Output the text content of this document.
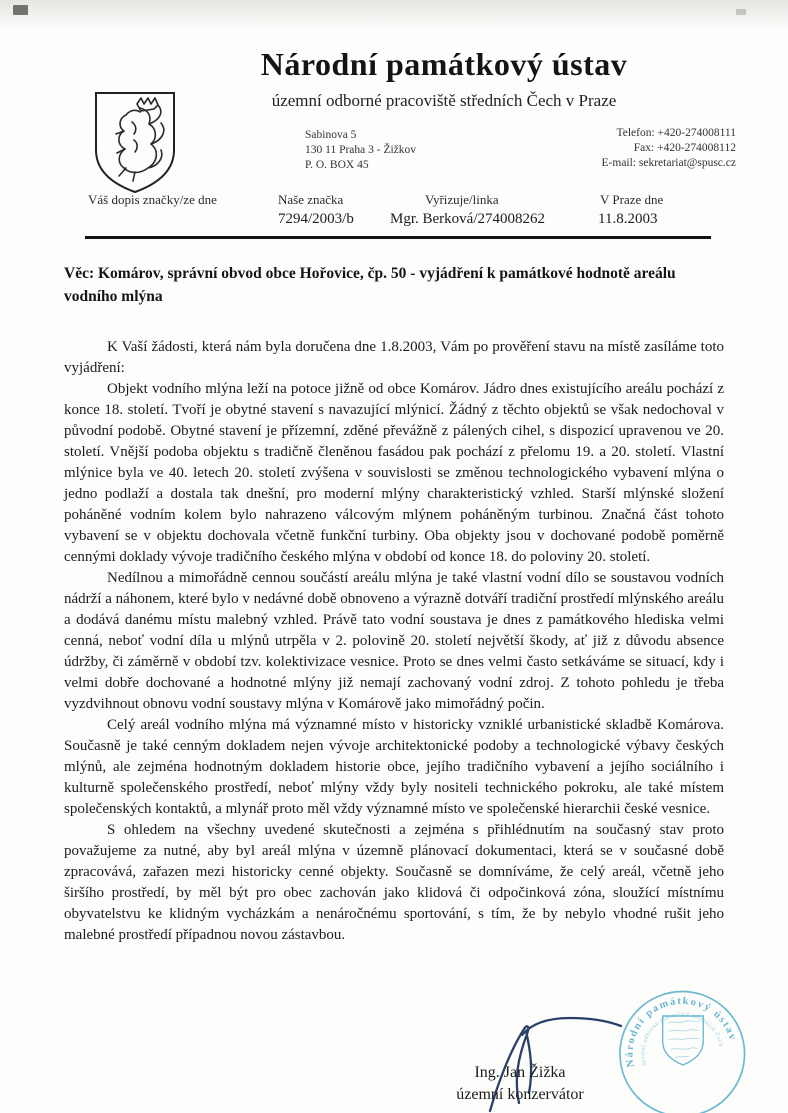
Národní památkový ústav
územní odborné pracoviště středních Čech v Praze
Sabinova 5
130 11 Praha 3 - Žižkov
P. O. BOX 45
Telefon: +420-274008111
Fax: +420-274008112
E-mail: sekretariat@spusc.cz
Váš dopis značky/ze dne	Naše značka
7294/2003/b
Vyřizuje/linka
Mgr. Berková/274008262
V Praze dne
11.8.2003
Věc: Komárov, správní obvod obce Hořovice, čp. 50 - vyjádření k památkové hodnotě areálu vodního mlýna

K Vaší žádosti, která nám byla doručena dne 1.8.2003, Vám po prověření stavu na místě zasíláme toto vyjádření:

Objekt vodního mlýna leží na potoce jižně od obce Komárov. Jádro dnes existujícího areálu pochází z konce 18. století. Tvoří je obytné stavení s navazující mlýnicí. Žádný z těchto objektů se však nedochoval v původní podobě. Obytné stavení je přízemní, zděné převážně z pálených cihel, s dispozicí upravenou ve 20. století. Vnější podoba objektu s tradičně členěnou fasádou pak pochází z přelomu 19. a 20. století. Vlastní mlýnice byla ve 40. letech 20. století zvýšena v souvislosti se změnou technologického vybavení mlýna o jedno podlaží a dostala tak dnešní, pro moderní mlýny charakteristický vzhled. Starší mlýnské složení poháněné vodním kolem bylo nahrazeno válcovým mlýnem poháněným turbinou. Značná část tohoto vybavení se v objektu dochovala včetně funkční turbiny. Oba objekty jsou v dochované podobě poměrně cennými doklady vývoje tradičního českého mlýna v období od konce 18. do poloviny 20. století.

Nedílnou a mimořádně cennou součástí areálu mlýna je také vlastní vodní dílo se soustavou vodních nádrží a náhonem, které bylo v nedávné době obnoveno a výrazně dotváří tradiční prostředí mlýnského areálu a dodává danému místu malebný vzhled. Právě tato vodní soustava je dnes z památkového hlediska velmi cenná, neboť vodní díla u mlýnů utrpěla v 2. polovině 20. století největší škody, ať již z důvodu absence údržby, či záměrně v období tzv. kolektivizace vesnice. Proto se dnes velmi často setkáváme se situací, kdy i velmi dobře dochované a hodnotné mlýny již nemají zachovaný vodní zdroj. Z tohoto pohledu je třeba vyzdvihnout obnovu vodní soustavy mlýna v Komárově jako mimořádný počin.

Celý areál vodního mlýna má významné místo v historicky vzniklé urbanistické skladbě Komárova. Současně je také cenným dokladem nejen vývoje architektonické podoby a technologické výbavy českých mlýnů, ale zejména hodnotným dokladem historie obce, jejího tradičního vybavení a jejího sociálního i kulturně společenského prostředí, neboť mlýny vždy byly nositeli technického pokroku, ale také místem společenských kontaktů, a mlynář proto měl vždy významné místo ve společenské hierarchii české vesnice.

S ohledem na všechny uvedené skutečnosti a zejména s přihlédnutím na současný stav proto považujeme za nutné, aby byl areál mlýna v územně plánovací dokumentaci, která se v současné době zpracovává, zařazen mezi historicky cenné objekty. Současně se domníváme, že celý areál, včetně jeho širšího prostředí, by měl být pro obec zachován jako klidová či odpočinková zóna, sloužící místnímu obyvatelstvu ke klidným vycházkám a nenáročnému sportování, s tím, že by nebylo vhodné rušit jeho malebné prostředí případnou novou zástavbou.

Ing. Jan Žižka
územní konzervátor
Národní památkový ústav
územní odborné pracoviště středních Čech
